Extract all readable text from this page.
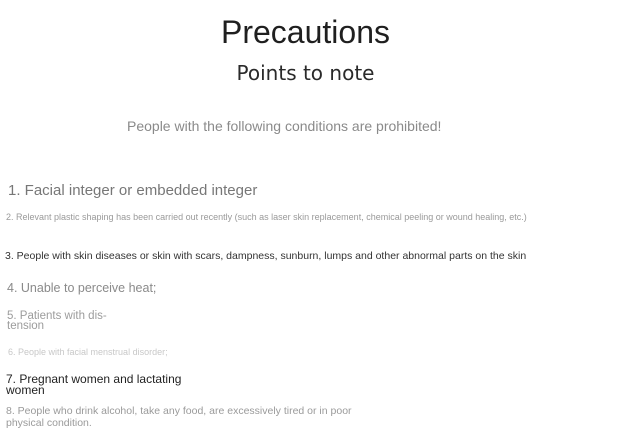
Precautions
Points to note
People with the following conditions are prohibited!
1. Facial integer or embedded integer
2. Relevant plastic shaping has been carried out recently (such as laser skin replacement, chemical peeling or wound healing, etc.)
3. People with skin diseases or skin with scars, dampness, sunburn, lumps and other abnormal parts on the skin
4. Unable to perceive heat;
5. Patients with dis- tension
6. People with facial menstrual disorder;
7. Pregnant women and lactating women
8. People who drink alcohol, take any food, are excessively tired or in poor physical condition.
